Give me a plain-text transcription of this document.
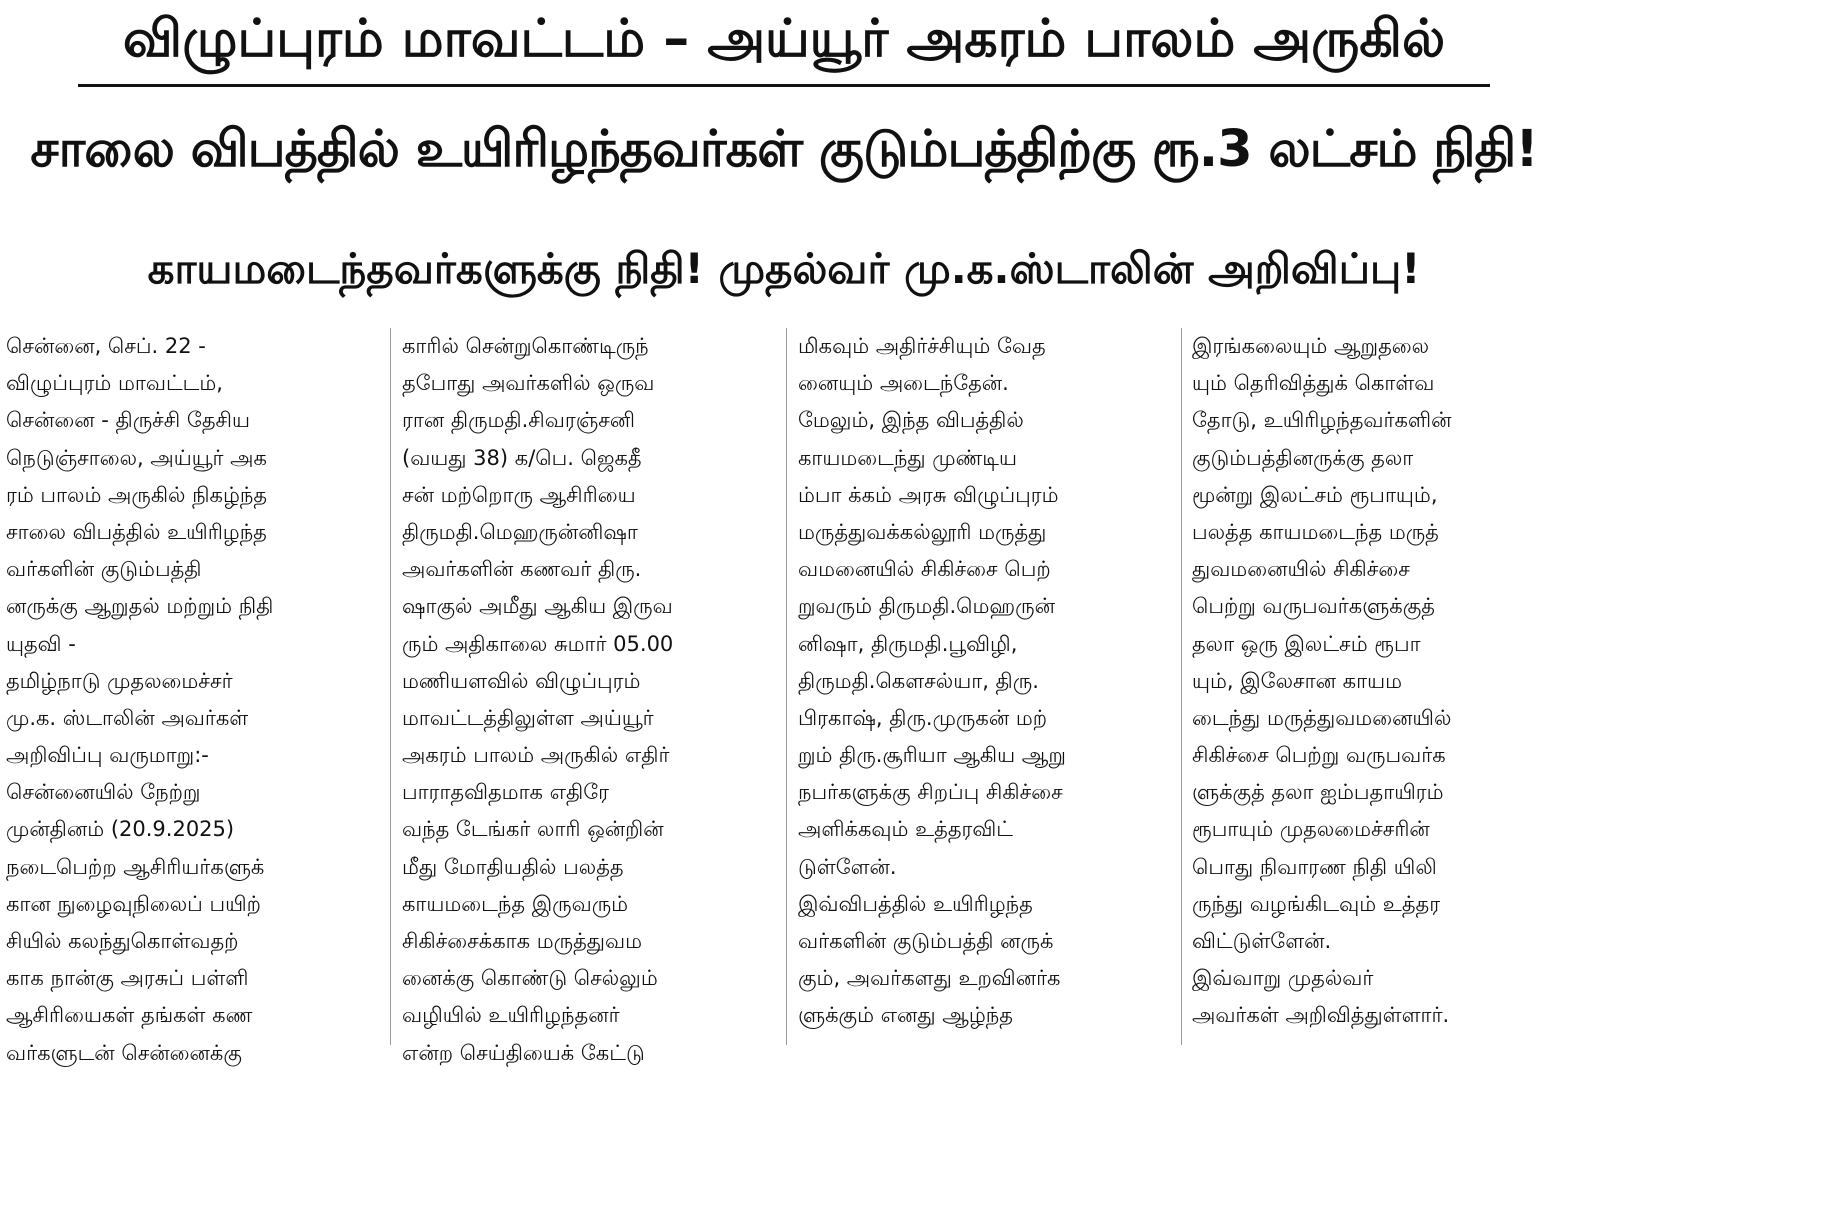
விழுப்புரம் மாவட்டம் – அய்யூர் அகரம் பாலம் அருகில்
சாலை விபத்தில் உயிரிழந்தவர்கள் குடும்பத்திற்கு ரூ.3 லட்சம் நிதி!
காயமடைந்தவர்களுக்கு நிதி! முதல்வர் மு.க.ஸ்டாலின் அறிவிப்பு!
சென்னை, செப். 22 -
விழுப்புரம் மாவட்டம்,
சென்னை - திருச்சி தேசிய
நெடுஞ்சாலை, அய்யூர் அக
ரம் பாலம் அருகில் நிகழ்ந்த
சாலை விபத்தில் உயிரிழந்த
வர்களின் குடும்பத்தி
னருக்கு ஆறுதல் மற்றும் நிதி
யுதவி -
தமிழ்நாடு முதலமைச்சர்
மு.க. ஸ்டாலின் அவர்கள்
அறிவிப்பு வருமாறு:-
சென்னையில் நேற்று
முன்தினம் (20.9.2025)
நடைபெற்ற ஆசிரியர்களுக்
கான நுழைவுநிலைப் பயிற்
சியில் கலந்துகொள்வதற்
காக நான்கு அரசுப் பள்ளி
ஆசிரியைகள் தங்கள் கண
வர்களுடன் சென்னைக்கு
காரில் சென்றுகொண்டிருந்
தபோது அவர்களில் ஒருவ
ரான திருமதி.சிவரஞ்சனி
(வயது 38) க/பெ. ஜெகதீ
சன் மற்றொரு ஆசிரியை
திருமதி.மெஹருன்னிஷா
அவர்களின் கணவர் திரு.
ஷாகுல் அமீது ஆகிய இருவ
ரும் அதிகாலை சுமார் 05.00
மணியளவில் விழுப்புரம்
மாவட்டத்திலுள்ள அய்யூர்
அகரம் பாலம் அருகில் எதிர்
பாராதவிதமாக எதிரே
வந்த டேங்கர் லாரி ஒன்றின்
மீது மோதியதில் பலத்த
காயமடைந்த இருவரும்
சிகிச்சைக்காக மருத்துவம
னைக்கு கொண்டு செல்லும்
வழியில் உயிரிழந்தனர்
என்ற செய்தியைக் கேட்டு
மிகவும் அதிர்ச்சியும் வேத
னையும் அடைந்தேன்.
மேலும், இந்த விபத்தில்
காயமடைந்து முண்டிய
ம்பா க்கம் அரசு விழுப்புரம்
மருத்துவக்கல்லூரி மருத்து
வமனையில் சிகிச்சை பெற்
றுவரும் திருமதி.மெஹருன்
னிஷா, திருமதி.பூவிழி,
திருமதி.கௌசல்யா, திரு.
பிரகாஷ், திரு.முருகன் மற்
றும் திரு.சூரியா ஆகிய ஆறு
நபர்களுக்கு சிறப்பு சிகிச்சை
அளிக்கவும் உத்தரவிட்
டுள்ளேன்.
இவ்விபத்தில் உயிரிழந்த
வர்களின் குடும்பத்தி னருக்
கும், அவர்களது உறவினர்க
ளுக்கும் எனது ஆழ்ந்த
இரங்கலையும் ஆறுதலை
யும் தெரிவித்துக் கொள்வ
தோடு, உயிரிழந்தவர்களின்
குடும்பத்தினருக்கு தலா
மூன்று இலட்சம் ரூபாயும்,
பலத்த காயமடைந்த மருத்
துவமனையில் சிகிச்சை
பெற்று வருபவர்களுக்குத்
தலா ஒரு இலட்சம் ரூபா
யும், இலேசான காயம
டைந்து மருத்துவமனையில்
சிகிச்சை பெற்று வருபவர்க
ளுக்குத் தலா ஐம்பதாயிரம்
ரூபாயும் முதலமைச்சரின்
பொது நிவாரண நிதி யிலி
ருந்து வழங்கிடவும் உத்தர
விட்டுள்ளேன்.
இவ்வாறு முதல்வர்
அவர்கள் அறிவித்துள்ளார்.
